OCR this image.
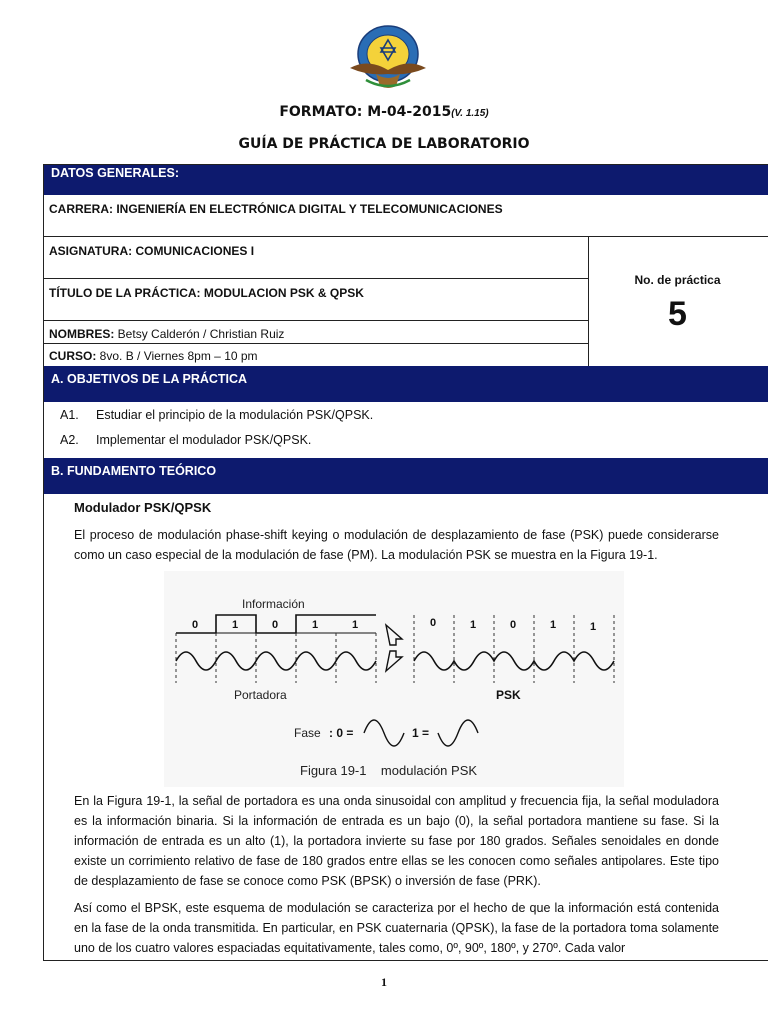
FORMATO: M-04-2015(V. 1.15)
GUÍA DE PRÁCTICA DE LABORATORIO
DATOS GENERALES:
CARRERA: INGENIERÍA EN ELECTRÓNICA DIGITAL Y TELECOMUNICACIONES
ASIGNATURA: COMUNICACIONES I
TÍTULO DE LA PRÁCTICA: MODULACION PSK & QPSK
NOMBRES: Betsy Calderón / Christian Ruiz
CURSO: 8vo. B / Viernes 8pm – 10 pm
No. de práctica
5
A. OBJETIVOS DE LA PRÁCTICA
A1. Estudiar el principio de la modulación PSK/QPSK.
A2. Implementar el modulador PSK/QPSK.
B. FUNDAMENTO TEÓRICO
Modulador PSK/QPSK
El proceso de modulación phase-shift keying o modulación de desplazamiento de fase (PSK) puede considerarse como un caso especial de la modulación de fase (PM). La modulación PSK se muestra en la Figura 19-1.
Información
0	1	0	1	1
Portadora
0	1	0	1	1
PSK
Fase : 0 =	1 =
Figura 19-1    modulación PSK
En la Figura 19-1, la señal de portadora es una onda sinusoidal con amplitud y frecuencia fija, la señal moduladora es la información binaria. Si la información de entrada es un bajo (0), la señal portadora mantiene su fase. Si la información de entrada es un alto (1), la portadora invierte su fase por 180 grados. Señales senoidales en donde existe un corrimiento relativo de fase de 180 grados entre ellas se les conocen como señales antipolares. Este tipo de desplazamiento de fase se conoce como PSK (BPSK) o inversión de fase (PRK).
Así como el BPSK, este esquema de modulación se caracteriza por el hecho de que la información está contenida en la fase de la onda transmitida. En particular, en PSK cuaternaria (QPSK), la fase de la portadora toma solamente uno de los cuatro valores espaciadas equitativamente, tales como, 0º, 90º, 180º, y 270º. Cada valor
1
